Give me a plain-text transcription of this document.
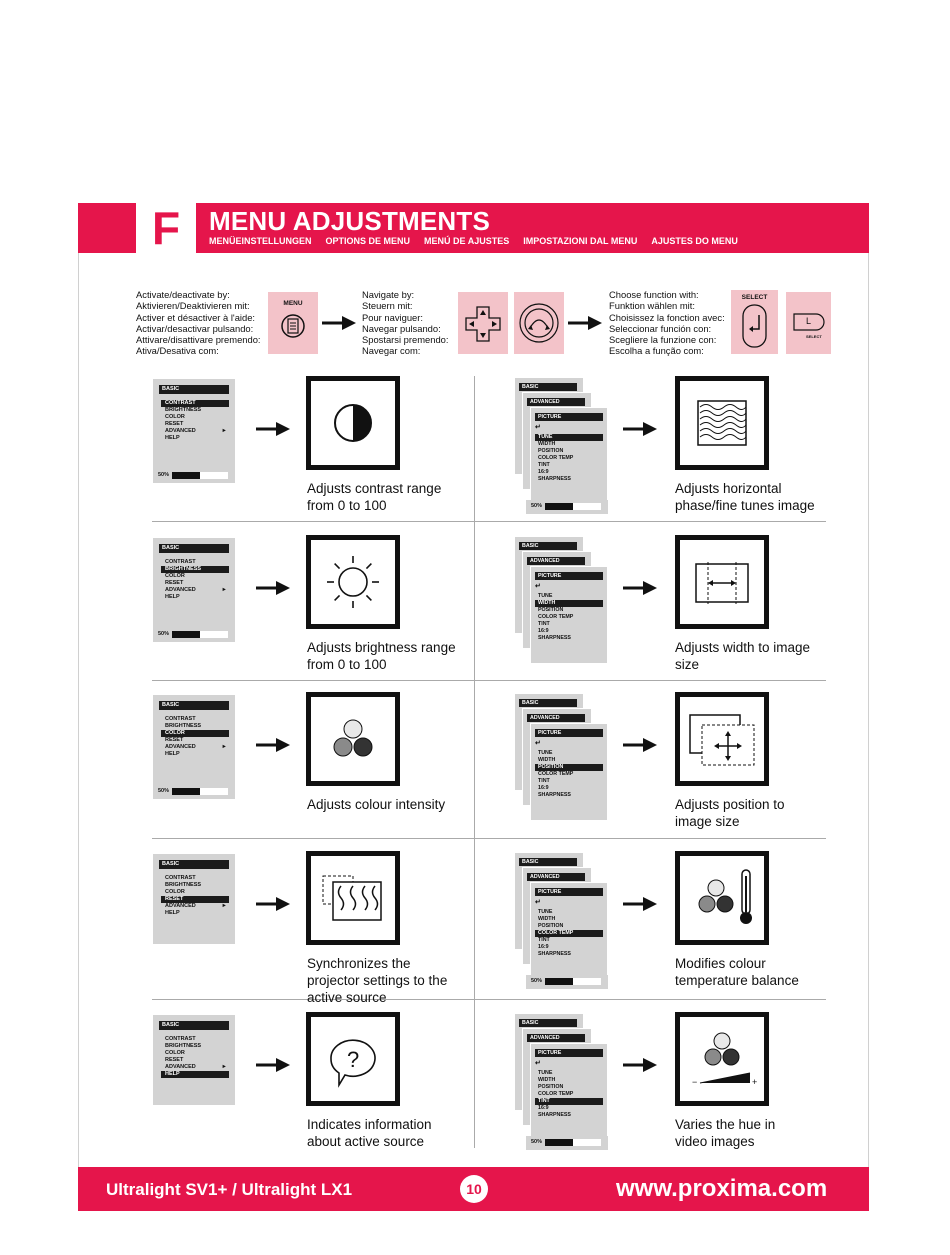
F	MENU ADJUSTMENTS
MENÜEINSTELLUNGEN OPTIONS DE MENU MENÚ DE AJUSTES IMPOSTAZIONI DAL MENU AJUSTES DO MENU
Activate/deactivate by:
Aktivieren/Deaktivieren mit:
Activer et désactiver à l'aide:
Activar/desactivar pulsando:
Attivare/disattivare premendo:
Ativa/Desativa com:
MENU
Navigate by:
Steuern mit:
Pour naviguer:
Navegar pulsando:
Spostarsi premendo:
Navegar com:
Choose function with:
Funktion wählen mit:
Choisissez la fonction avec:
Seleccionar función con:
Scegliere la funzione con:
Escolha a função com:
SELECT
L
SELECT
BASIC
CONTRAST
BRIGHTNESS
COLOR
RESET
ADVANCED	►
HELP
50%
Adjusts contrast range
from 0 to 100
BASIC
ADVANCED
PICTURE
↵
TUNE
WIDTH
POSITION
COLOR TEMP
TINT
16:9
SHARPNESS
50%
Adjusts horizontal
phase/fine tunes image
BASIC
CONTRAST
BRIGHTNESS
COLOR
RESET
ADVANCED	►
HELP
50%
Adjusts brightness range
from 0 to 100
BASIC
ADVANCED
PICTURE
↵
TUNE
WIDTH
POSITION
COLOR TEMP
TINT
16:9
SHARPNESS
Adjusts width to image
size
BASIC
CONTRAST
BRIGHTNESS
COLOR
RESET
ADVANCED	►
HELP
50%
Adjusts colour intensity
BASIC
ADVANCED
PICTURE
↵
TUNE
WIDTH
POSITION
COLOR TEMP
TINT
16:9
SHARPNESS
Adjusts position to
image size
BASIC
CONTRAST
BRIGHTNESS
COLOR
RESET
ADVANCED	►
HELP
Synchronizes the
projector settings to the
active source
BASIC
ADVANCED
PICTURE
↵
TUNE
WIDTH
POSITION
COLOR TEMP
TINT
16:9
SHARPNESS
50%
Modifies colour
temperature balance
BASIC
CONTRAST
BRIGHTNESS
COLOR
RESET
ADVANCED	►
HELP
?
Indicates information
about active source
BASIC
ADVANCED
PICTURE
↵
TUNE
WIDTH
POSITION
COLOR TEMP
TINT
16:9
SHARPNESS
50%
−	+
Varies the hue in
video images
Ultralight SV1+ / Ultralight LX1	10	www.proxima.com
